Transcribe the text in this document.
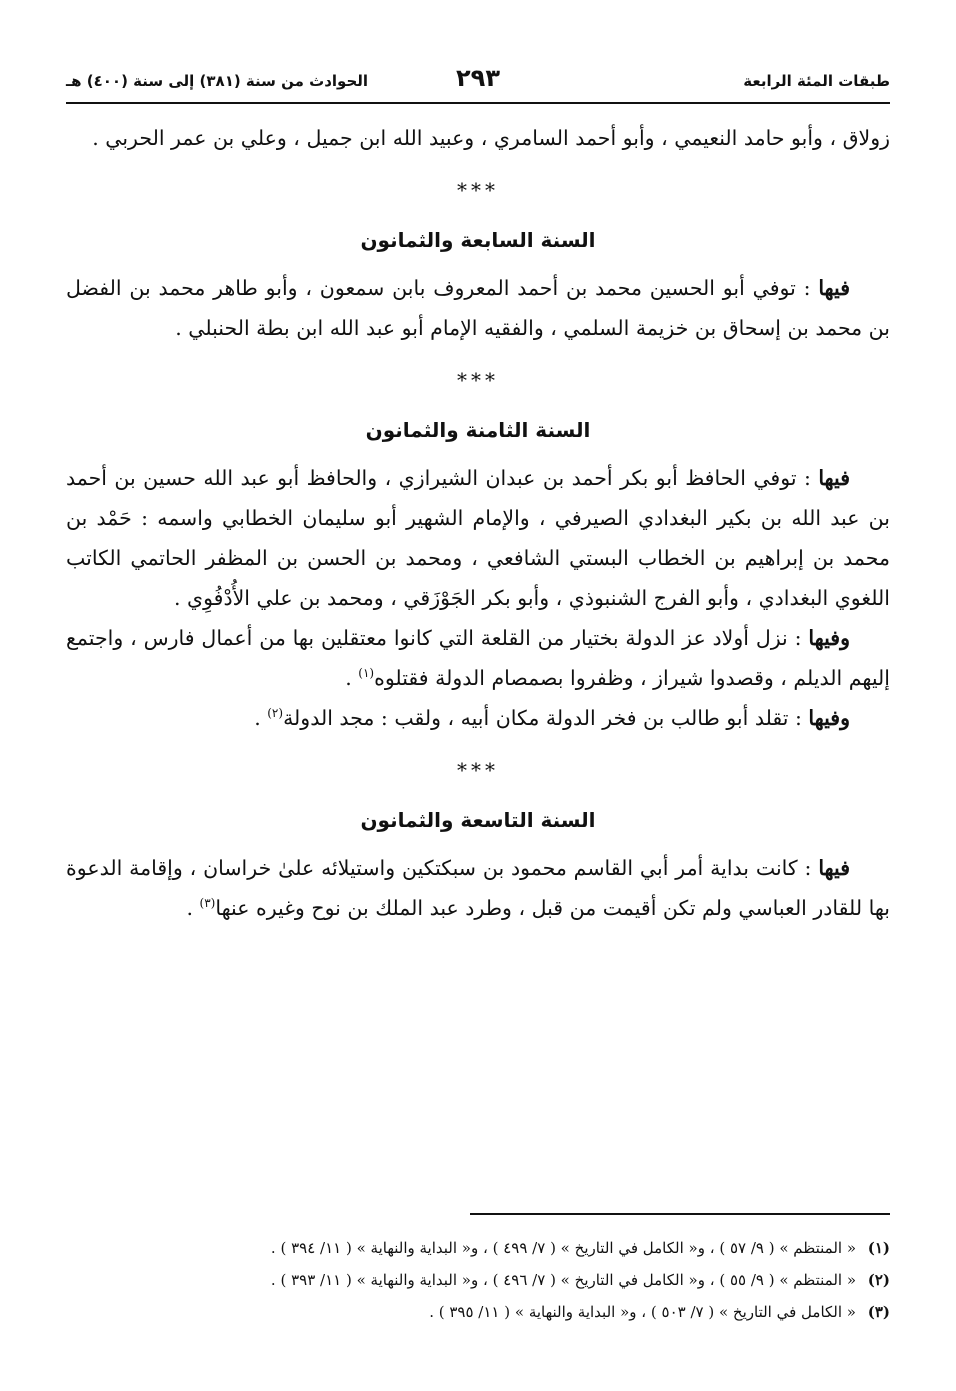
طبقات المئة الرابعة
٢٩٣
الحوادث من سنة (٣٨١) إلى سنة (٤٠٠) هـ

زولاق ، وأبو حامد النعيمي ، وأبو أحمد السامري ، وعبيد الله ابن جميل ، وعلي بن عمر الحربي .

***
السنة السابعة والثمانون

فيها : توفي أبو الحسين محمد بن أحمد المعروف بابن سمعون ، وأبو طاهر محمد بن الفضل بن محمد بن إسحاق بن خزيمة السلمي ، والفقيه الإمام أبو عبد الله ابن بطة الحنبلي .

***
السنة الثامنة والثمانون

فيها : توفي الحافظ أبو بكر أحمد بن عبدان الشيرازي ، والحافظ أبو عبد الله حسين بن أحمد بن عبد الله بن بكير البغدادي الصيرفي ، والإمام الشهير أبو سليمان الخطابي واسمه : حَمْد بن محمد بن إبراهيم بن الخطاب البستي الشافعي ، ومحمد بن الحسن بن المظفر الحاتمي الكاتب اللغوي البغدادي ، وأبو الفرج الشنبوذي ، وأبو بكر الجَوْزَقي ، ومحمد بن علي الأُدْفُوِي .

وفيها : نزل أولاد عز الدولة بختيار من القلعة التي كانوا معتقلين بها من أعمال فارس ، واجتمع إليهم الديلم ، وقصدوا شيراز ، وظفروا بصمصام الدولة فقتلوه$^{(١)}$ .

وفيها : تقلد أبو طالب بن فخر الدولة مكان أبيه ، ولقب : مجد الدولة$^{(٢)}$ .

***
السنة التاسعة والثمانون

فيها : كانت بداية أمر أبي القاسم محمود بن سبكتكين واستيلائه علىٰ خراسان ، وإقامة الدعوة بها للقادر العباسي ولم تكن أقيمت من قبل ، وطرد عبد الملك بن نوح وغيره عنها$^{(٣)}$ .

(١)
« المنتظم » ( ٩/ ٥٧ ) ، و« الكامل في التاريخ » ( ٧/ ٤٩٩ ) ، و« البداية والنهاية » ( ١١/ ٣٩٤ ) .
(٢)
« المنتظم » ( ٩/ ٥٥ ) ، و« الكامل في التاريخ » ( ٧/ ٤٩٦ ) ، و« البداية والنهاية » ( ١١/ ٣٩٣ ) .
(٣)
« الكامل في التاريخ » ( ٧/ ٥٠٣ ) ، و« البداية والنهاية » ( ١١/ ٣٩٥ ) .
